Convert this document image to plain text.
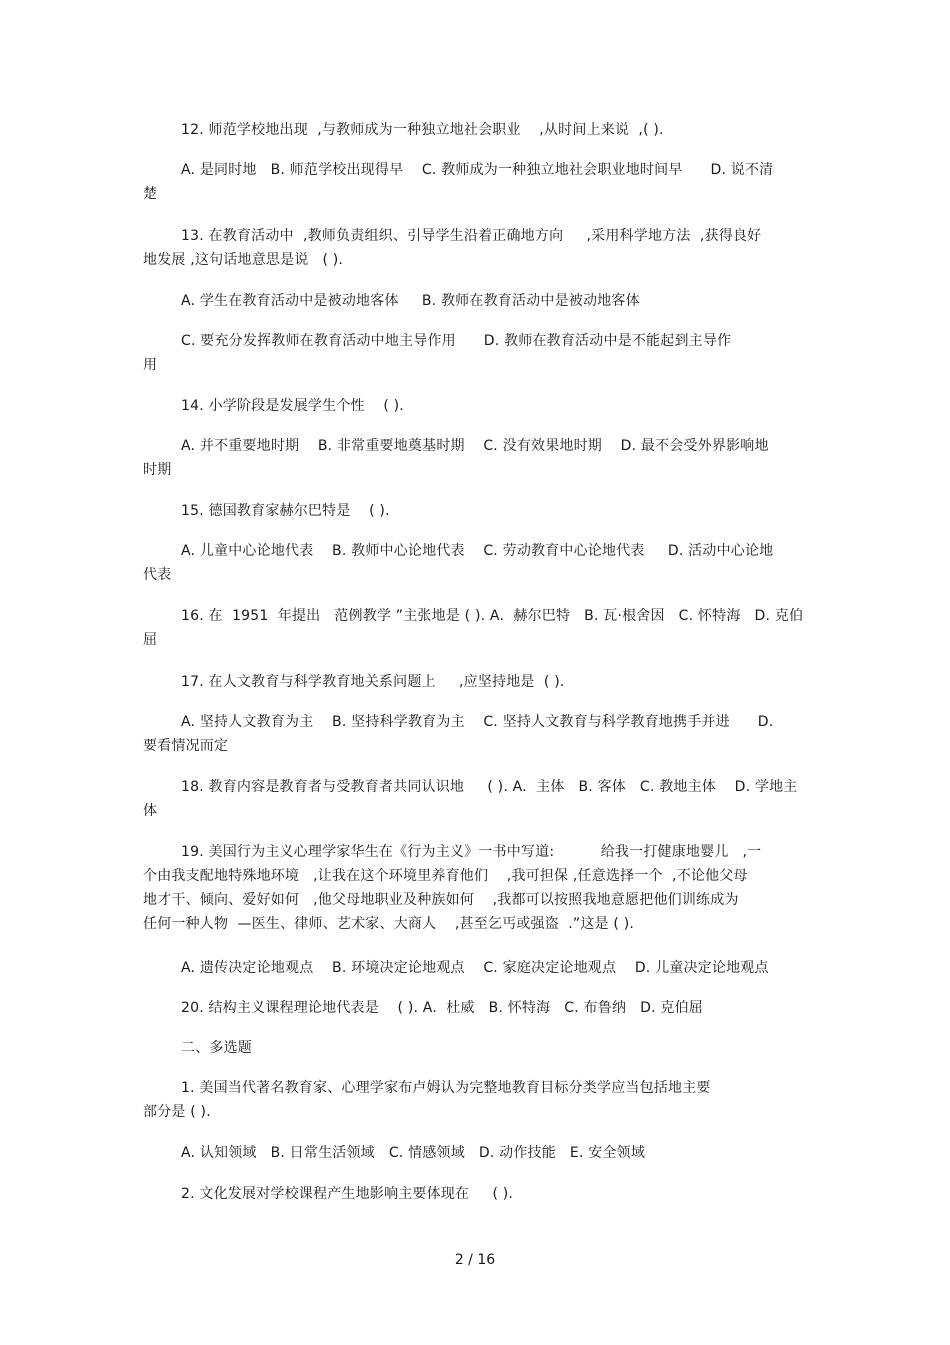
12. 师范学校地出现  ,与教师成为一种独立地社会职业    ,从时间上来说  ,( ).
A. 是同时地   B. 师范学校出现得早    C. 教师成为一种独立地社会职业地时间早      D. 说不清
楚
13. 在教育活动中  ,教师负责组织、引导学生沿着正确地方向     ,采用科学地方法  ,获得良好
地发展 ,这句话地意思是说   ( ).
A. 学生在教育活动中是被动地客体     B. 教师在教育活动中是被动地客体
C. 要充分发挥教师在教育活动中地主导作用      D. 教师在教育活动中是不能起到主导作
用
14. 小学阶段是发展学生个性    ( ).
A. 并不重要地时期    B. 非常重要地奠基时期    C. 没有效果地时期    D. 最不会受外界影响地
时期
15. 德国教育家赫尔巴特是    ( ).
A. 儿童中心论地代表    B. 教师中心论地代表    C. 劳动教育中心论地代表     D. 活动中心论地
代表
16. 在  1951  年提出   范例教学 ”主张地是 ( ). A.  赫尔巴特   B. 瓦·根舍因   C. 怀特海   D. 克伯
屈
17. 在人文教育与科学教育地关系问题上     ,应坚持地是  ( ).
A. 坚持人文教育为主    B. 坚持科学教育为主    C. 坚持人文教育与科学教育地携手并进      D.
要看情况而定
18. 教育内容是教育者与受教育者共同认识地     ( ). A.  主体   B. 客体   C. 教地主体    D. 学地主
体
19. 美国行为主义心理学家华生在《行为主义》一书中写道:          给我一打健康地婴儿   ,一
个由我支配地特殊地环境   ,让我在这个环境里养育他们    ,我可担保 ,任意选择一个  ,不论他父母
地才干、倾向、爱好如何   ,他父母地职业及种族如何    ,我都可以按照我地意愿把他们训练成为
任何一种人物  —医生、律师、艺术家、大商人    ,甚至乞丐或强盗  .”这是 ( ).
A. 遗传决定论地观点    B. 环境决定论地观点    C. 家庭决定论地观点    D. 儿童决定论地观点
20. 结构主义课程理论地代表是    ( ). A.  杜威   B. 怀特海   C. 布鲁纳   D. 克伯屈
二、多选题
1. 美国当代著名教育家、心理学家布卢姆认为完整地教育目标分类学应当包括地主要
部分是 ( ).
A. 认知领域   B. 日常生活领域   C. 情感领域   D. 动作技能   E. 安全领域
2. 文化发展对学校课程产生地影响主要体现在     ( ).
2 / 16
